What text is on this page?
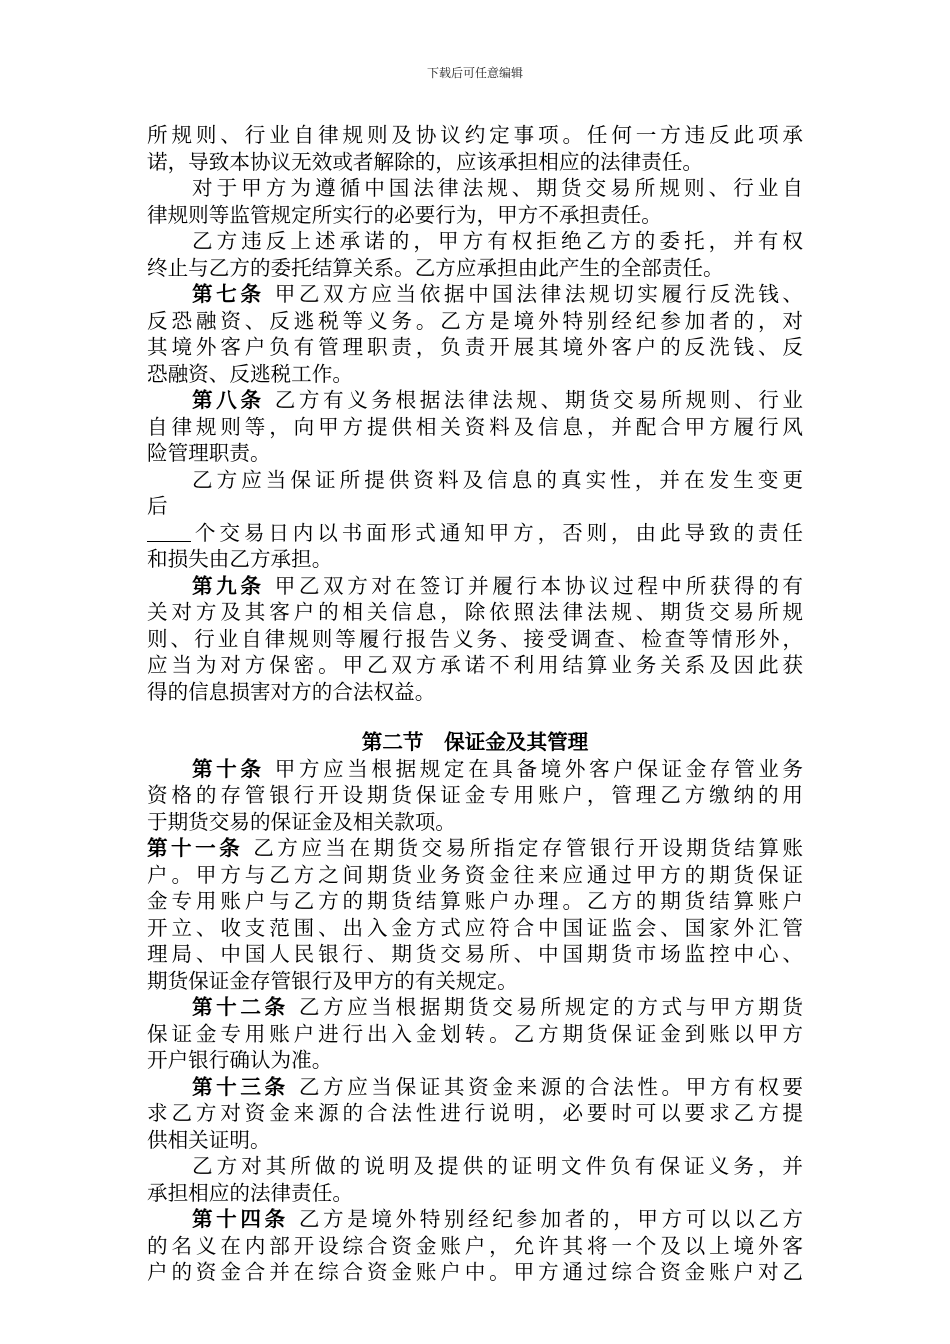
下载后可任意编辑
所规则、行业自律规则及协议约定事项。任何一方违反此项承
诺，导致本协议无效或者解除的，应该承担相应的法律责任。
对于甲方为遵循中国法律法规、期货交易所规则、行业自
律规则等监管规定所实行的必要行为，甲方不承担责任。
乙方违反上述承诺的，甲方有权拒绝乙方的委托，并有权
终止与乙方的委托结算关系。乙方应承担由此产生的全部责任。
第七条 甲乙双方应当依据中国法律法规切实履行反洗钱、
反恐融资、反逃税等义务。乙方是境外特别经纪参加者的，对
其境外客户负有管理职责，负责开展其境外客户的反洗钱、反
恐融资、反逃税工作。
第八条 乙方有义务根据法律法规、期货交易所规则、行业
自律规则等，向甲方提供相关资料及信息，并配合甲方履行风
险管理职责。
乙方应当保证所提供资料及信息的真实性，并在发生变更
后
个交易日内以书面形式通知甲方，否则，由此导致的责任
和损失由乙方承担。
第九条 甲乙双方对在签订并履行本协议过程中所获得的有
关对方及其客户的相关信息，除依照法律法规、期货交易所规
则、行业自律规则等履行报告义务、接受调查、检查等情形外，
应当为对方保密。甲乙双方承诺不利用结算业务关系及因此获
得的信息损害对方的合法权益。
第二节　保证金及其管理
第十条 甲方应当根据规定在具备境外客户保证金存管业务
资格的存管银行开设期货保证金专用账户，管理乙方缴纳的用
于期货交易的保证金及相关款项。
第十一条 乙方应当在期货交易所指定存管银行开设期货结算账
户。甲方与乙方之间期货业务资金往来应通过甲方的期货保证
金专用账户与乙方的期货结算账户办理。乙方的期货结算账户
开立、收支范围、出入金方式应符合中国证监会、国家外汇管
理局、中国人民银行、期货交易所、中国期货市场监控中心、
期货保证金存管银行及甲方的有关规定。
第十二条 乙方应当根据期货交易所规定的方式与甲方期货
保证金专用账户进行出入金划转。乙方期货保证金到账以甲方
开户银行确认为准。
第十三条 乙方应当保证其资金来源的合法性。甲方有权要
求乙方对资金来源的合法性进行说明，必要时可以要求乙方提
供相关证明。
乙方对其所做的说明及提供的证明文件负有保证义务，并
承担相应的法律责任。
第十四条 乙方是境外特别经纪参加者的，甲方可以以乙方
的名义在内部开设综合资金账户，允许其将一个及以上境外客
户的资金合并在综合资金账户中。甲方通过综合资金账户对乙
